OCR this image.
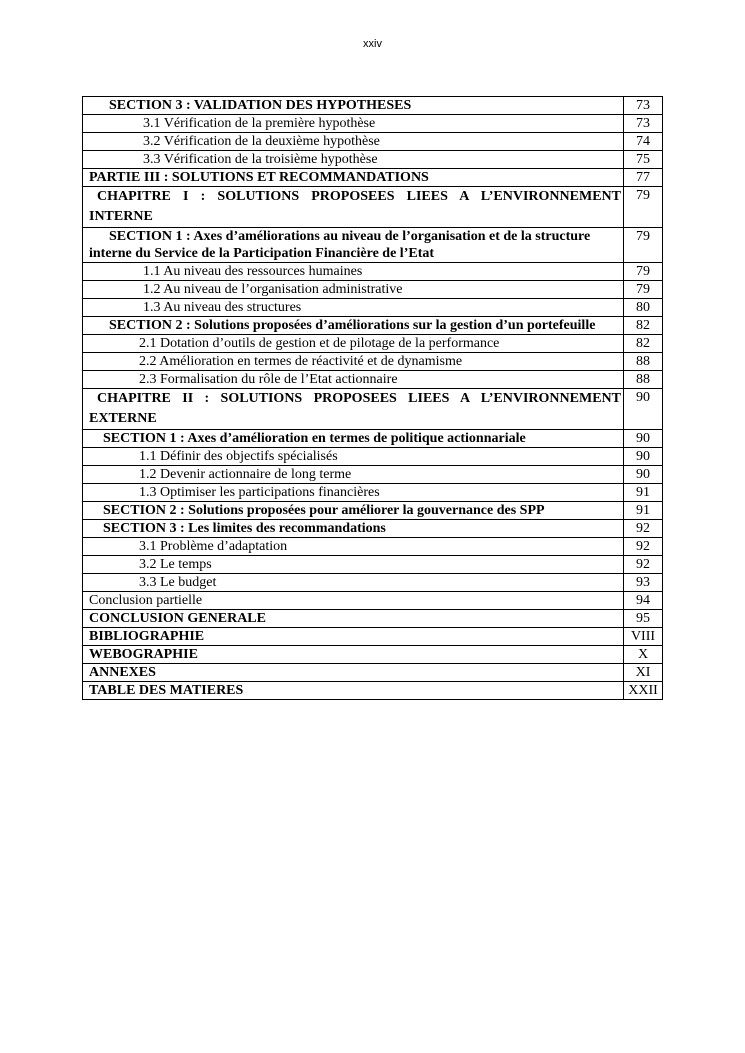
xxiv
SECTION 3 : VALIDATION DES HYPOTHESES	73
3.1 Vérification de la première hypothèse	73
3.2 Vérification de la deuxième hypothèse	74
3.3 Vérification de la troisième hypothèse	75
PARTIE III : SOLUTIONS ET RECOMMANDATIONS	77
CHAPITRE I : SOLUTIONS PROPOSEES LIEES A L’ENVIRONNEMENT INTERNE	79
SECTION 1 : Axes d’améliorations au niveau de l’organisation et de la structure interne du Service de la Participation Financière de l’Etat	79
1.1 Au niveau des ressources humaines	79
1.2 Au niveau de l’organisation administrative	79
1.3 Au niveau des structures	80
SECTION 2 : Solutions proposées d’améliorations sur la gestion d’un portefeuille	82
2.1 Dotation d’outils de gestion et de pilotage de la performance	82
2.2 Amélioration en termes de réactivité et de dynamisme	88
2.3 Formalisation du rôle de l’Etat actionnaire	88
CHAPITRE II : SOLUTIONS PROPOSEES LIEES A L’ENVIRONNEMENT EXTERNE	90
SECTION 1 : Axes d’amélioration en termes de politique actionnariale	90
1.1 Définir des objectifs spécialisés	90
1.2 Devenir actionnaire de long terme	90
1.3 Optimiser les participations financières	91
SECTION 2 : Solutions proposées pour améliorer la gouvernance des SPP	91
SECTION 3 : Les limites des recommandations	92
3.1 Problème d’adaptation	92
3.2 Le temps	92
3.3 Le budget	93
Conclusion partielle	94
CONCLUSION GENERALE	95
BIBLIOGRAPHIE	VIII
WEBOGRAPHIE	X
ANNEXES	XI
TABLE DES MATIERES	XXII
